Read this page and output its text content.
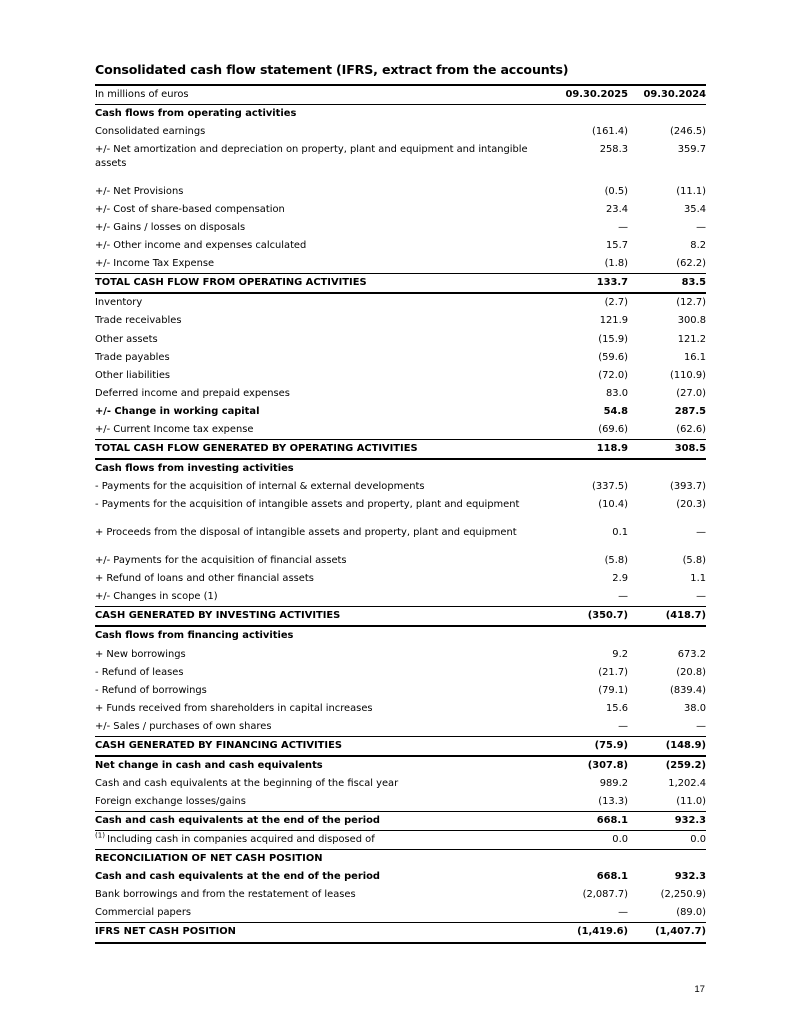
Consolidated cash flow statement (IFRS, extract from the accounts)
In millions of euros	09.30.2025	09.30.2024
Cash flows from operating activities		
Consolidated earnings	(161.4)	(246.5)
+/- Net amortization and depreciation on property, plant and equipment and intangible assets	258.3	359.7
+/- Net Provisions	(0.5)	(11.1)
+/- Cost of share-based compensation	23.4	35.4
+/- Gains / losses on disposals	—	—
+/- Other income and expenses calculated	15.7	8.2
+/- Income Tax Expense	(1.8)	(62.2)
TOTAL CASH FLOW FROM OPERATING ACTIVITIES	133.7	83.5
Inventory	(2.7)	(12.7)
Trade receivables	121.9	300.8
Other assets	(15.9)	121.2
Trade payables	(59.6)	16.1
Other liabilities	(72.0)	(110.9)
Deferred income and prepaid expenses	83.0	(27.0)
+/- Change in working capital	54.8	287.5
+/- Current Income tax expense	(69.6)	(62.6)
TOTAL CASH FLOW GENERATED BY OPERATING ACTIVITIES	118.9	308.5
Cash flows from investing activities		
- Payments for the acquisition of internal & external developments	(337.5)	(393.7)
- Payments for the acquisition of intangible assets and property, plant and equipment	(10.4)	(20.3)
+ Proceeds from the disposal of intangible assets and property, plant and equipment	0.1	—
+/- Payments for the acquisition of financial assets	(5.8)	(5.8)
+ Refund of loans and other financial assets	2.9	1.1
+/- Changes in scope (1)	—	—
CASH GENERATED BY INVESTING ACTIVITIES	(350.7)	(418.7)
Cash flows from financing activities		
+ New borrowings	9.2	673.2
- Refund of leases	(21.7)	(20.8)
- Refund of borrowings	(79.1)	(839.4)
+ Funds received from shareholders in capital increases	15.6	38.0
+/- Sales / purchases of own shares	—	—
CASH GENERATED BY FINANCING ACTIVITIES	(75.9)	(148.9)
Net change in cash and cash equivalents	(307.8)	(259.2)
Cash and cash equivalents at the beginning of the fiscal year	989.2	1,202.4
Foreign exchange losses/gains	(13.3)	(11.0)
Cash and cash equivalents at the end of the period	668.1	932.3
$^{(1)}$ Including cash in companies acquired and disposed of	0.0	0.0
RECONCILIATION OF NET CASH POSITION		
Cash and cash equivalents at the end of the period	668.1	932.3
Bank borrowings and from the restatement of leases	(2,087.7)	(2,250.9)
Commercial papers	—	(89.0)
IFRS NET CASH POSITION	(1,419.6)	(1,407.7)
17
